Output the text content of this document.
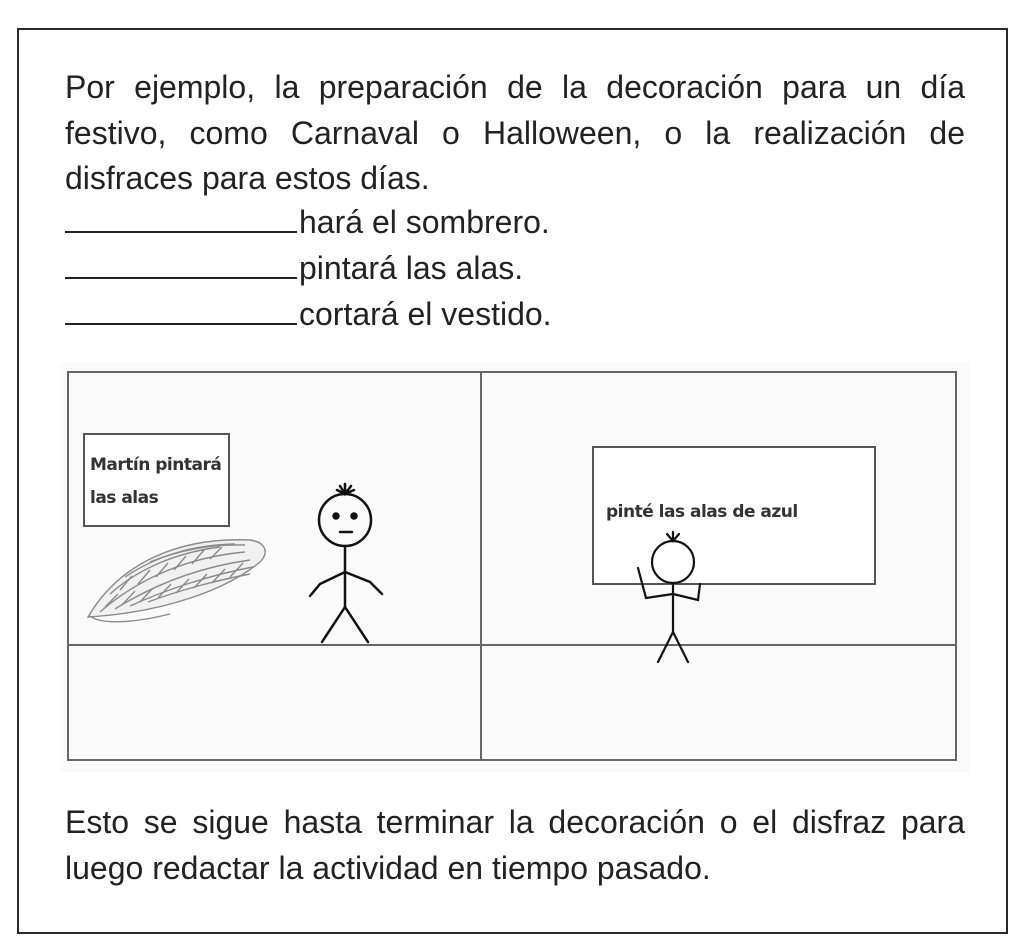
Por ejemplo, la preparación de la decoración para un día festivo, como Carnaval o Halloween, o la realización de disfraces para estos días.
hará el sombrero.
pintará las alas.
cortará el vestido.
Martín pintará
las alas
pinté las alas de azul
Esto se sigue hasta terminar la decoración o el disfraz para luego redactar la actividad en tiempo pasado.
